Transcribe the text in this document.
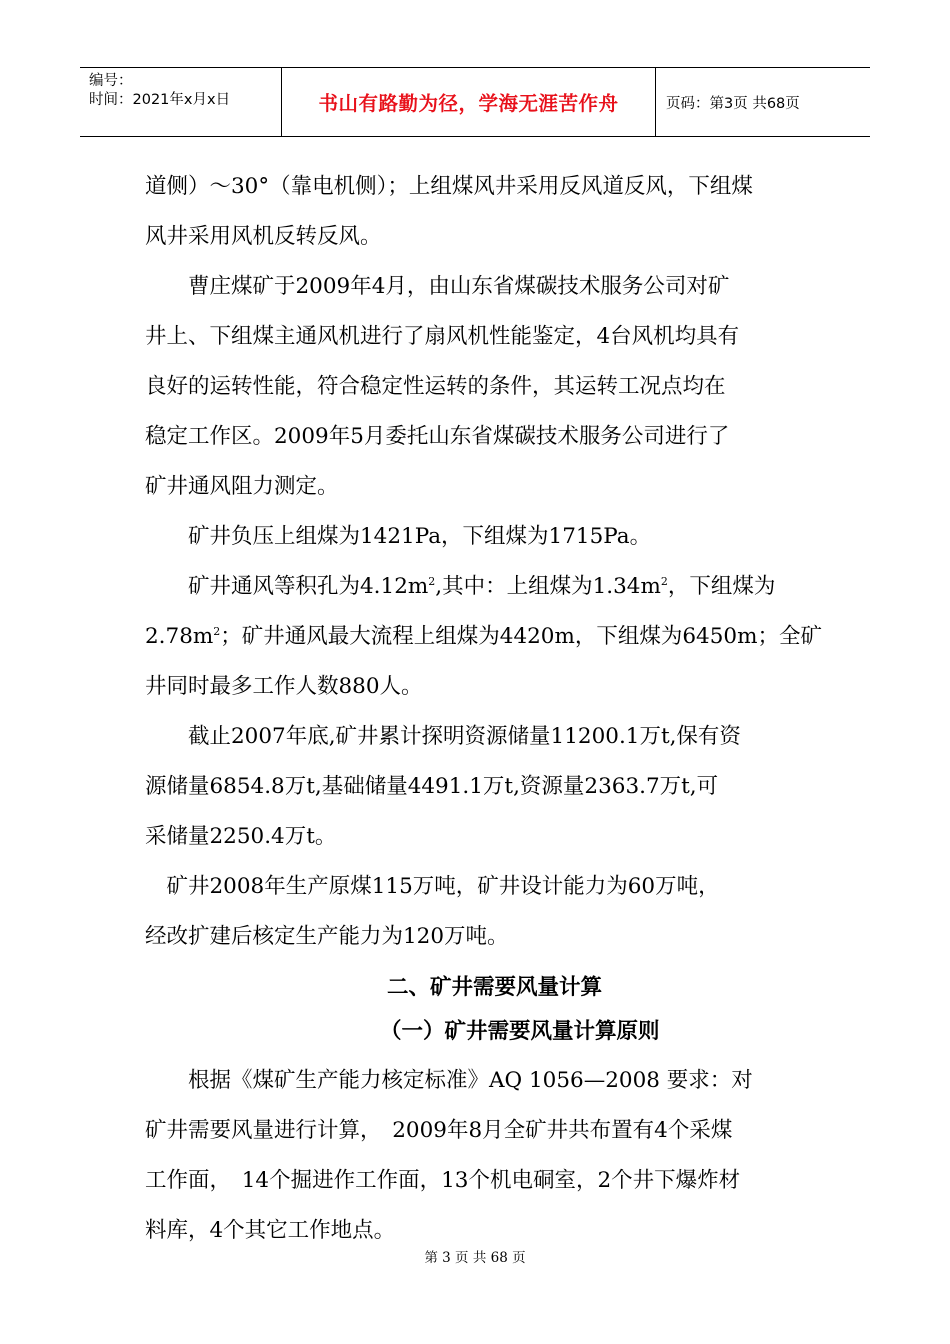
编号：
时间：2021年x月x日	书山有路勤为径，学海无涯苦作舟	页码：第3页 共68页

道侧）～30°（靠电机侧）；上组煤风井采用反风道反风，下组煤

风井采用风机反转反风。

　　曹庄煤矿于2009年4月，由山东省煤碳技术服务公司对矿

井上、下组煤主通风机进行了扇风机性能鉴定，4台风机均具有

良好的运转性能，符合稳定性运转的条件，其运转工况点均在

稳定工作区。2009年5月委托山东省煤碳技术服务公司进行了

矿井通风阻力测定。

　　矿井负压上组煤为1421Pa，下组煤为1715Pa。

　　矿井通风等积孔为$4.12m^2$,其中：上组煤为$1.34m^2$，下组煤为

$2.78m^2$；矿井通风最大流程上组煤为4420m，下组煤为6450m；全矿

井同时最多工作人数880人。

　　截止2007年底,矿井累计探明资源储量11200.1万t,保有资

源储量6854.8万t,基础储量4491.1万t,资源量2363.7万t,可

采储量2250.4万t。

　矿井2008年生产原煤115万吨，矿井设计能力为60万吨，

经改扩建后核定生产能力为120万吨。

二、矿井需要风量计算
（一）矿井需要风量计算原则

　　根据《煤矿生产能力核定标准》AQ 1056—2008 要求：对

矿井需要风量进行计算，　2009年8月全矿井共布置有4个采煤

工作面，　14个掘进作工作面，13个机电硐室，2个井下爆炸材

料库，4个其它工作地点。

第 3 页 共 68 页
